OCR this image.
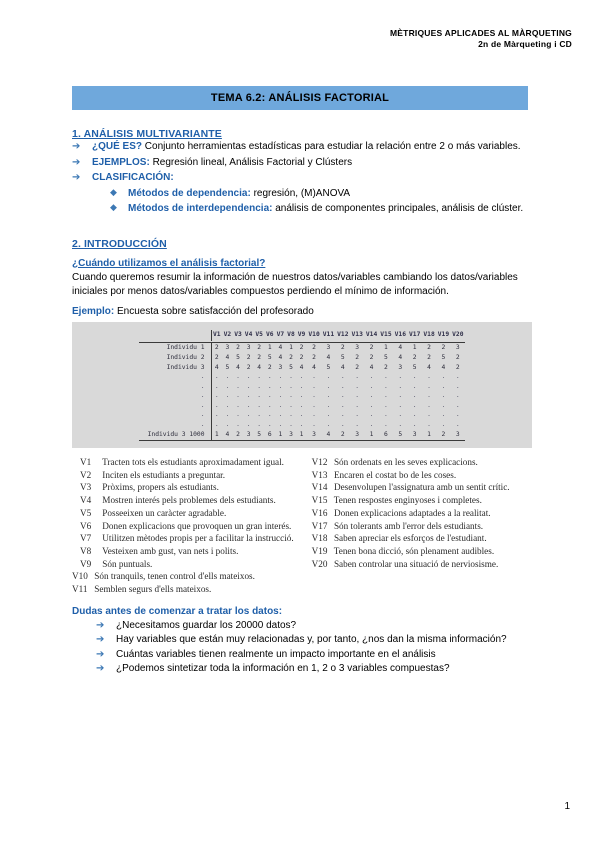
MÈTRIQUES APLICADES AL MÀRQUETING
2n de Màrqueting i CD
TEMA 6.2: ANÁLISIS FACTORIAL
1. ANÁLISIS MULTIVARIANTE
➔ ¿QUÉ ES? Conjunto herramientas estadísticas para estudiar la relación entre 2 o más variables.
➔ EJEMPLOS: Regresión lineal, Análisis Factorial y Clústers
➔ CLASIFICACIÓN:
◆ Métodos de dependencia: regresión, (M)ANOVA
◆ Métodos de interdependencia: análisis de componentes principales, análisis de clúster.
2. INTRODUCCIÓN
¿Cuándo utilizamos el análisis factorial?

Cuando queremos resumir la información de nuestros datos/variables cambiando los datos/variables iniciales por menos datos/variables compuestos perdiendo el mínimo de información.

Ejemplo: Encuesta sobre satisfacción del profesorado
	V1	V2	V3	V4	V5	V6	V7	V8	V9	V10	V11	V12	V13	V14	V15	V16	V17	V18	V19	V20

Individu 1	2	3	2	3	2	1	4	1	2	2	3	2	3	2	1	4	1	2	2	3
Individu 2	2	4	5	2	2	5	4	2	2	2	4	5	2	2	5	4	2	2	5	2
Individu 3	4	5	4	2	4	2	3	5	4	4	5	4	2	4	2	3	5	4	4	2
.	.	.	.	.	.	.	.	.	.	.	.	.	.	.	.	.	.	.	.	.
.	.	.	.	.	.	.	.	.	.	.	.	.	.	.	.	.	.	.	.	.
.	.	.	.	.	.	.	.	.	.	.	.	.	.	.	.	.	.	.	.	.
.	.	.	.	.	.	.	.	.	.	.	.	.	.	.	.	.	.	.	.	.
.	.	.	.	.	.	.	.	.	.	.	.	.	.	.	.	.	.	.	.	.
.	.	.	.	.	.	.	.	.	.	.	.	.	.	.	.	.	.	.	.	.
Individu 3 1000	1	4	2	3	5	6	1	3	1	3	4	2	3	1	6	5	3	1	2	3

V1 Tracten tots els estudiants aproximadament igual.
V2 Inciten els estudiants a preguntar.
V3 Pròxims, propers als estudiants.
V4 Mostren interés pels problemes dels estudiants.
V5 Posseeixen un caràcter agradable.
V6 Donen explicacions que provoquen un gran interés.
V7 Utilitzen mètodes propis per a facilitar la instrucció.
V8 Vesteixen amb gust, van nets i polits.
V9 Són puntuals.
V10 Són tranquils, tenen control d'ells mateixos.
V11 Semblen segurs d'ells mateixos.
V12 Són ordenats en les seves explicacions.
V13 Encaren el costat bo de les coses.
V14 Desenvolupen l'assignatura amb un sentit crític.
V15 Tenen respostes enginyoses i completes.
V16 Donen explicacions adaptades a la realitat.
V17 Són tolerants amb l'error dels estudiants.
V18 Saben apreciar els esforços de l'estudiant.
V19 Tenen bona dicció, són plenament audibles.
V20 Saben controlar una situació de nerviosisme.
Dudas antes de comenzar a tratar los datos:
➔ ¿Necesitamos guardar los 20000 datos?
➔ Hay variables que están muy relacionadas y, por tanto, ¿nos dan la misma información?
➔ Cuántas variables tienen realmente un impacto importante en el análisis
➔ ¿Podemos sintetizar toda la información en 1, 2 o 3 variables compuestas?
1
